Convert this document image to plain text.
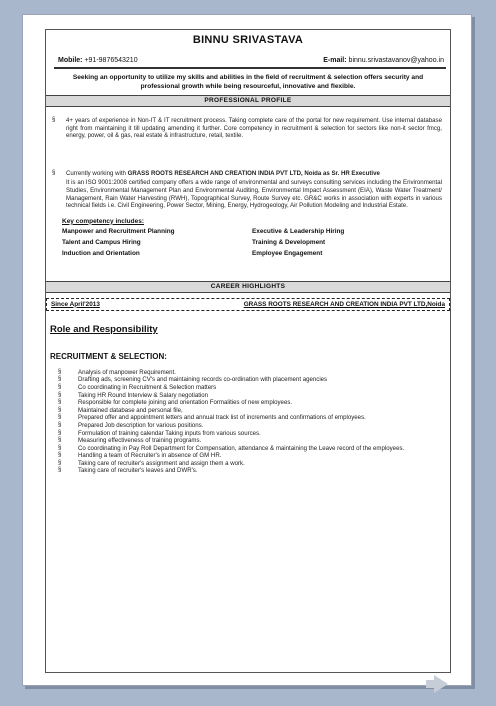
BINNU SRIVASTAVA
Mobile: +91-9876543210	E-mail: binnu.srivastavanov@yahoo.in
Seeking an opportunity to utilize my skills and abilities in the field of recruitment & selection offers security and professional growth while being resourceful, innovative and flexible.
PROFESSIONAL PROFILE
§	4+ years of experience in Non-IT & IT recruitment process. Taking complete care of the portal for new requirement. Use internal database right from maintaining it till updating amending it further. Core competency in recruitment & selection for sectors like non-it sector fmcg, energy, power, oil & gas, real estate & infrastructure, retail, textile.
§	Currently working with GRASS ROOTS RESEARCH AND CREATION INDIA PVT LTD, Noida as Sr. HR Executive
It is an ISO 9001:2008 certified company offers a wide range of environmental and surveys consulting services including the Environmental Studies, Environmental Management Plan and Environmental Auditing, Environmental Impact Assessment (EIA), Waste Water Treatment/ Management, Rain Water Harvesting (RWH), Topographical Survey, Route Survey etc. GR&C works in association with experts in various technical fields i.e. Civil Engineering, Power Sector, Mining, Energy, Hydrogeology, Air Pollution Modeling and Industrial Estate.
Key competency includes:
Manpower and Recruitment Planning	Executive & Leadership Hiring
Talent and Campus Hiring	Training & Development
Induction and Orientation	Employee Engagement
CAREER HIGHLIGHTS
Since April'2013	GRASS ROOTS RESEARCH AND CREATION INDIA PVT LTD,Noida
Role and Responsibility
RECRUITMENT & SELECTION:
§	Analysis of manpower Requirement.
§	Drafting ads, screening CV's and maintaining records co-ordination with placement agencies
§	Co coordinating in Recruitment & Selection matters
§	Taking HR Round Interview & Salary negotiation
§	Responsible for complete joining and orientation Formalities of new employees.
§	Maintained database and personal file,
§	Prepared offer and appointment letters and annual track list of increments and confirmations of employees.
§	Prepared Job description for various positions.
§	Formulation of training calendar Taking inputs from various sources.
§	Measuring effectiveness of training programs.
§	Co coordinating in Pay Roll Department for Compensation, attendance & maintaining the Leave record of the employees.
§	Handling a team of Recruiter's in absence of GM HR.
§	Taking care of recruiter's assignment and assign them a work.
§	Taking care of recruiter's leaves and DWR's.
